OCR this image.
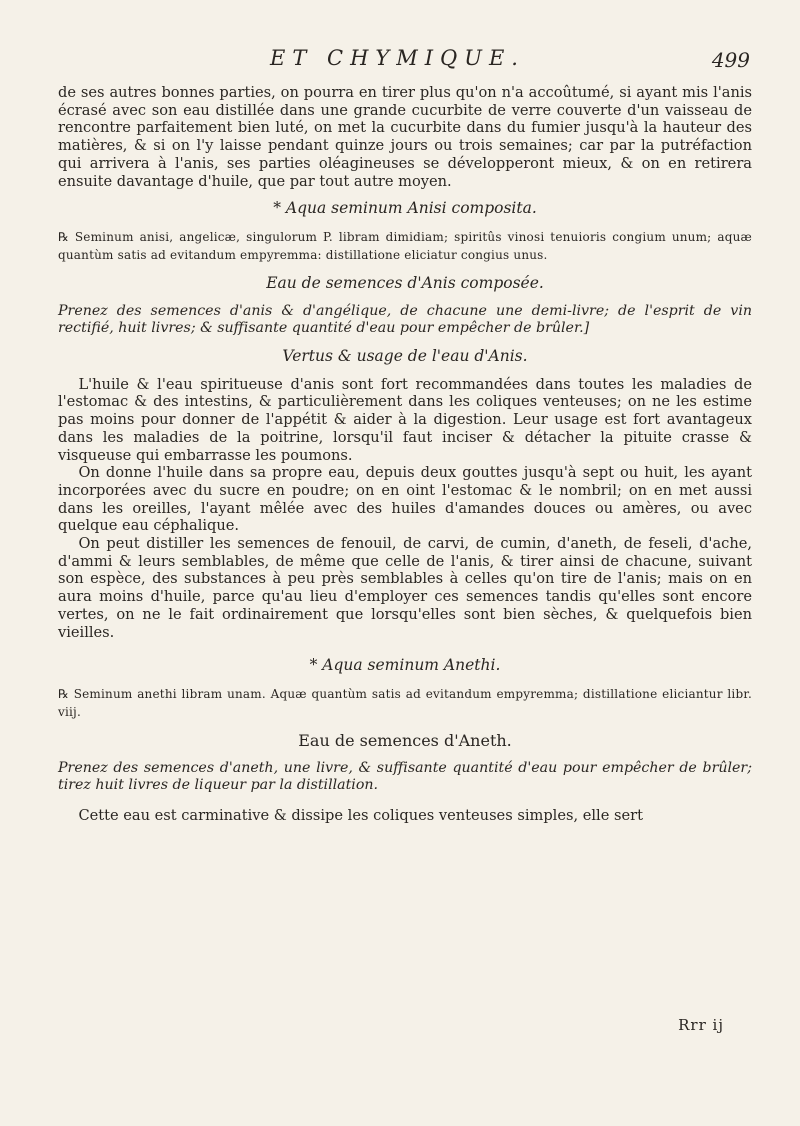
ET CHYMIQUE.	499

de ses autres bonnes parties, on pourra en tirer plus qu'on n'a accoûtumé, si ayant mis l'anis écrasé avec son eau distillée dans une grande cucurbite de verre couverte d'un vaisseau de rencontre parfaitement bien luté, on met la cucurbite dans du fumier jusqu'à la hauteur des matières, & si on l'y laisse pendant quinze jours ou trois semaines; car par la putréfaction qui arrivera à l'anis, ses parties oléagineuses se développeront mieux, & on en retirera ensuite davantage d'huile, que par tout autre moyen.

* Aqua seminum Anisi composita.

℞ Seminum anisi, angelicæ, singulorum P. libram dimidiam; spiritûs vinosi tenuioris congium unum; aquæ quantùm satis ad evitandum empyremma: distillatione eliciatur congius unus.

Eau de semences d'Anis composée.

Prenez des semences d'anis & d'angélique, de chacune une demi-livre; de l'esprit de vin rectifié, huit livres; & suffisante quantité d'eau pour empêcher de brûler.]

Vertus & usage de l'eau d'Anis.

L'huile & l'eau spiritueuse d'anis sont fort recommandées dans toutes les maladies de l'estomac & des intestins, & particulièrement dans les coliques venteuses; on ne les estime pas moins pour donner de l'appétit & aider à la digestion. Leur usage est fort avantageux dans les maladies de la poitrine, lorsqu'il faut inciser & détacher la pituite crasse & visqueuse qui embarrasse les poumons.

On donne l'huile dans sa propre eau, depuis deux gouttes jusqu'à sept ou huit, les ayant incorporées avec du sucre en poudre; on en oint l'estomac & le nombril; on en met aussi dans les oreilles, l'ayant mêlée avec des huiles d'amandes douces ou amères, ou avec quelque eau céphalique.

On peut distiller les semences de fenouil, de carvi, de cumin, d'aneth, de feseli, d'ache, d'ammi & leurs semblables, de même que celle de l'anis, & tirer ainsi de chacune, suivant son espèce, des substances à peu près semblables à celles qu'on tire de l'anis; mais on en aura moins d'huile, parce qu'au lieu d'employer ces semences tandis qu'elles sont encore vertes, on ne le fait ordinairement que lorsqu'elles sont bien sèches, & quelquefois bien vieilles.

* Aqua seminum Anethi.

℞ Seminum anethi libram unam. Aquæ quantùm satis ad evitandum empyremma; distillatione eliciantur libr. viij.

Eau de semences d'Aneth.

Prenez des semences d'aneth, une livre, & suffisante quantité d'eau pour empêcher de brûler; tirez huit livres de liqueur par la distillation.

Cette eau est carminative & dissipe les coliques venteuses simples, elle sert

Rrr ij
